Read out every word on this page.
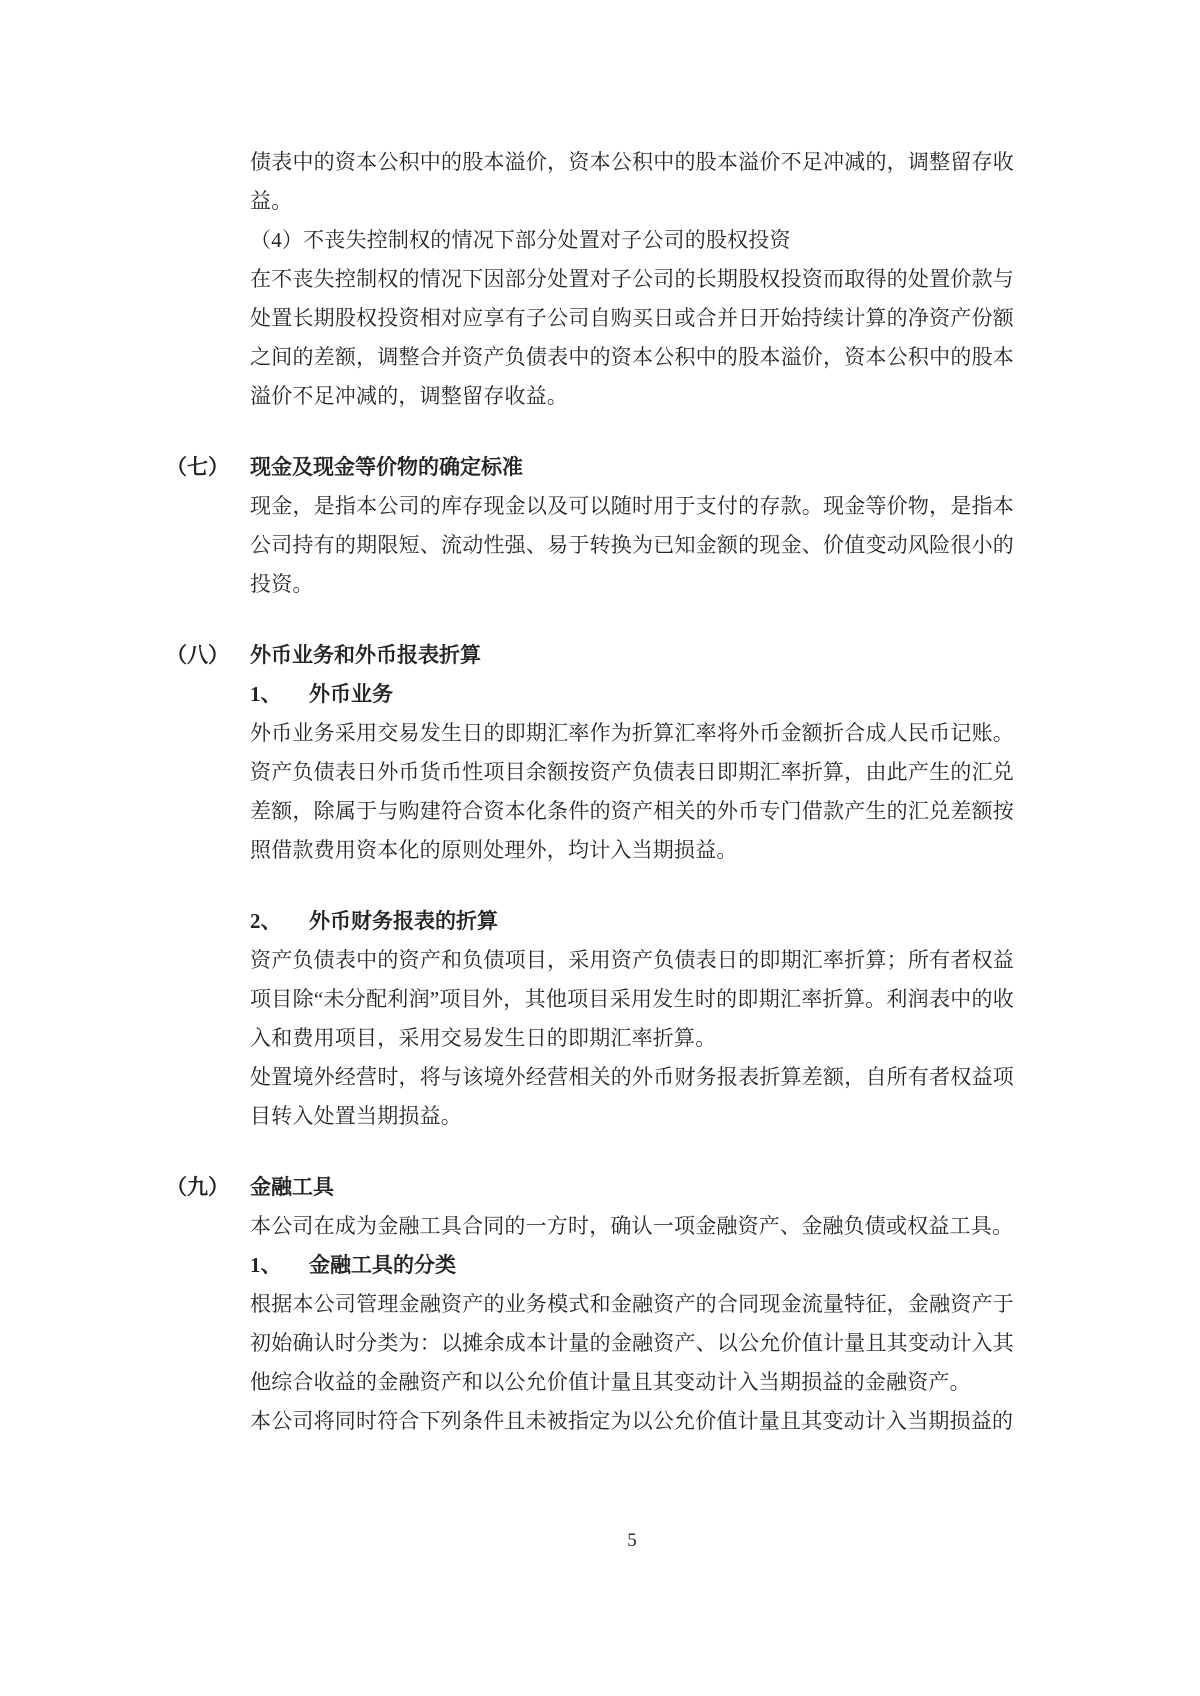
债表中的资本公积中的股本溢价，资本公积中的股本溢价不足冲减的，调整留存收益。

（4）不丧失控制权的情况下部分处置对子公司的股权投资

在不丧失控制权的情况下因部分处置对子公司的长期股权投资而取得的处置价款与处置长期股权投资相对应享有子公司自购买日或合并日开始持续计算的净资产份额之间的差额，调整合并资产负债表中的资本公积中的股本溢价，资本公积中的股本溢价不足冲减的，调整留存收益。

（七） 现金及现金等价物的确定标准

现金，是指本公司的库存现金以及可以随时用于支付的存款。现金等价物，是指本公司持有的期限短、流动性强、易于转换为已知金额的现金、价值变动风险很小的投资。

（八） 外币业务和外币报表折算
1、 外币业务

外币业务采用交易发生日的即期汇率作为折算汇率将外币金额折合成人民币记账。资产负债表日外币货币性项目余额按资产负债表日即期汇率折算，由此产生的汇兑差额，除属于与购建符合资本化条件的资产相关的外币专门借款产生的汇兑差额按照借款费用资本化的原则处理外，均计入当期损益。

2、 外币财务报表的折算

资产负债表中的资产和负债项目，采用资产负债表日的即期汇率折算；所有者权益项目除“未分配利润”项目外，其他项目采用发生时的即期汇率折算。利润表中的收入和费用项目，采用交易发生日的即期汇率折算。

处置境外经营时，将与该境外经营相关的外币财务报表折算差额，自所有者权益项目转入处置当期损益。

（九） 金融工具

本公司在成为金融工具合同的一方时，确认一项金融资产、金融负债或权益工具。

1、 金融工具的分类

根据本公司管理金融资产的业务模式和金融资产的合同现金流量特征，金融资产于初始确认时分类为：以摊余成本计量的金融资产、以公允价值计量且其变动计入其他综合收益的金融资产和以公允价值计量且其变动计入当期损益的金融资产。

本公司将同时符合下列条件且未被指定为以公允价值计量且其变动计入当期损益的

5
